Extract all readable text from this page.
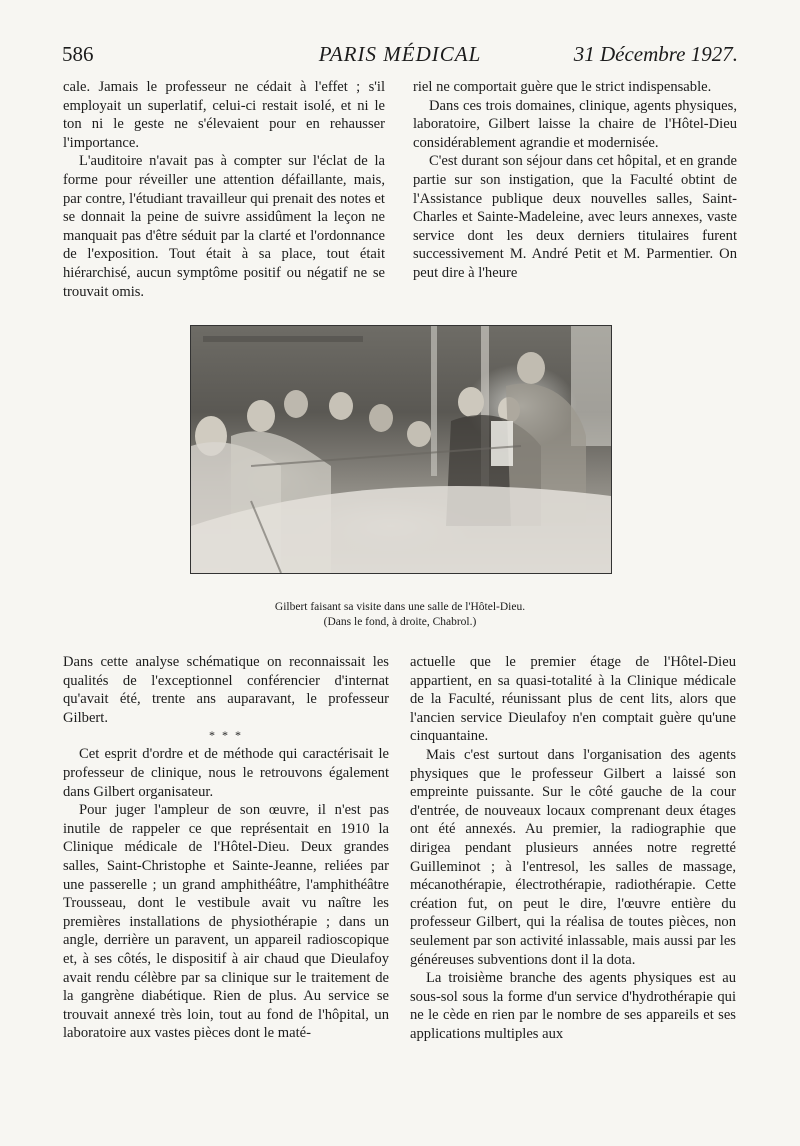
586	PARIS MÉDICAL	31 Décembre 1927.

cale. Jamais le professeur ne cédait à l'effet ; s'il employait un superlatif, celui-ci restait isolé, et ni le ton ni le geste ne s'élevaient pour en rehausser l'importance.

L'auditoire n'avait pas à compter sur l'éclat de la forme pour réveiller une attention défaillante, mais, par contre, l'étudiant travailleur qui prenait des notes et se donnait la peine de suivre assidûment la leçon ne manquait pas d'être séduit par la clarté et l'ordonnance de l'exposition. Tout était à sa place, tout était hiérarchisé, aucun symptôme positif ou négatif ne se trouvait omis.

riel ne comportait guère que le strict indispensable.

Dans ces trois domaines, clinique, agents physiques, laboratoire, Gilbert laisse la chaire de l'Hôtel-Dieu considérablement agrandie et modernisée.

C'est durant son séjour dans cet hôpital, et en grande partie sur son instigation, que la Faculté obtint de l'Assistance publique deux nouvelles salles, Saint-Charles et Sainte-Madeleine, avec leurs annexes, vaste service dont les deux derniers titulaires furent successivement M. André Petit et M. Parmentier. On peut dire à l'heure

Gilbert faisant sa visite dans une salle de l'Hôtel-Dieu.
(Dans le fond, à droite, Chabrol.)

Dans cette analyse schématique on reconnaissait les qualités de l'exceptionnel conférencier d'internat qu'avait été, trente ans auparavant, le professeur Gilbert.

* * *

Cet esprit d'ordre et de méthode qui caractérisait le professeur de clinique, nous le retrouvons également dans Gilbert organisateur.

Pour juger l'ampleur de son œuvre, il n'est pas inutile de rappeler ce que représentait en 1910 la Clinique médicale de l'Hôtel-Dieu. Deux grandes salles, Saint-Christophe et Sainte-Jeanne, reliées par une passerelle ; un grand amphithéâtre, l'amphithéâtre Trousseau, dont le vestibule avait vu naître les premières installations de physiothérapie ; dans un angle, derrière un paravent, un appareil radioscopique et, à ses côtés, le dispositif à air chaud que Dieulafoy avait rendu célèbre par sa clinique sur le traitement de la gangrène diabétique. Rien de plus. Au service se trouvait annexé très loin, tout au fond de l'hôpital, un laboratoire aux vastes pièces dont le maté-

actuelle que le premier étage de l'Hôtel-Dieu appartient, en sa quasi-totalité à la Clinique médicale de la Faculté, réunissant plus de cent lits, alors que l'ancien service Dieulafoy n'en comptait guère qu'une cinquantaine.

Mais c'est surtout dans l'organisation des agents physiques que le professeur Gilbert a laissé son empreinte puissante. Sur le côté gauche de la cour d'entrée, de nouveaux locaux comprenant deux étages ont été annexés. Au premier, la radiographie que dirigea pendant plusieurs années notre regretté Guilleminot ; à l'entresol, les salles de massage, mécanothérapie, électrothérapie, radiothérapie. Cette création fut, on peut le dire, l'œuvre entière du professeur Gilbert, qui la réalisa de toutes pièces, non seulement par son activité inlassable, mais aussi par les généreuses subventions dont il la dota.

La troisième branche des agents physiques est au sous-sol sous la forme d'un service d'hydrothérapie qui ne le cède en rien par le nombre de ses appareils et ses applications multiples aux
